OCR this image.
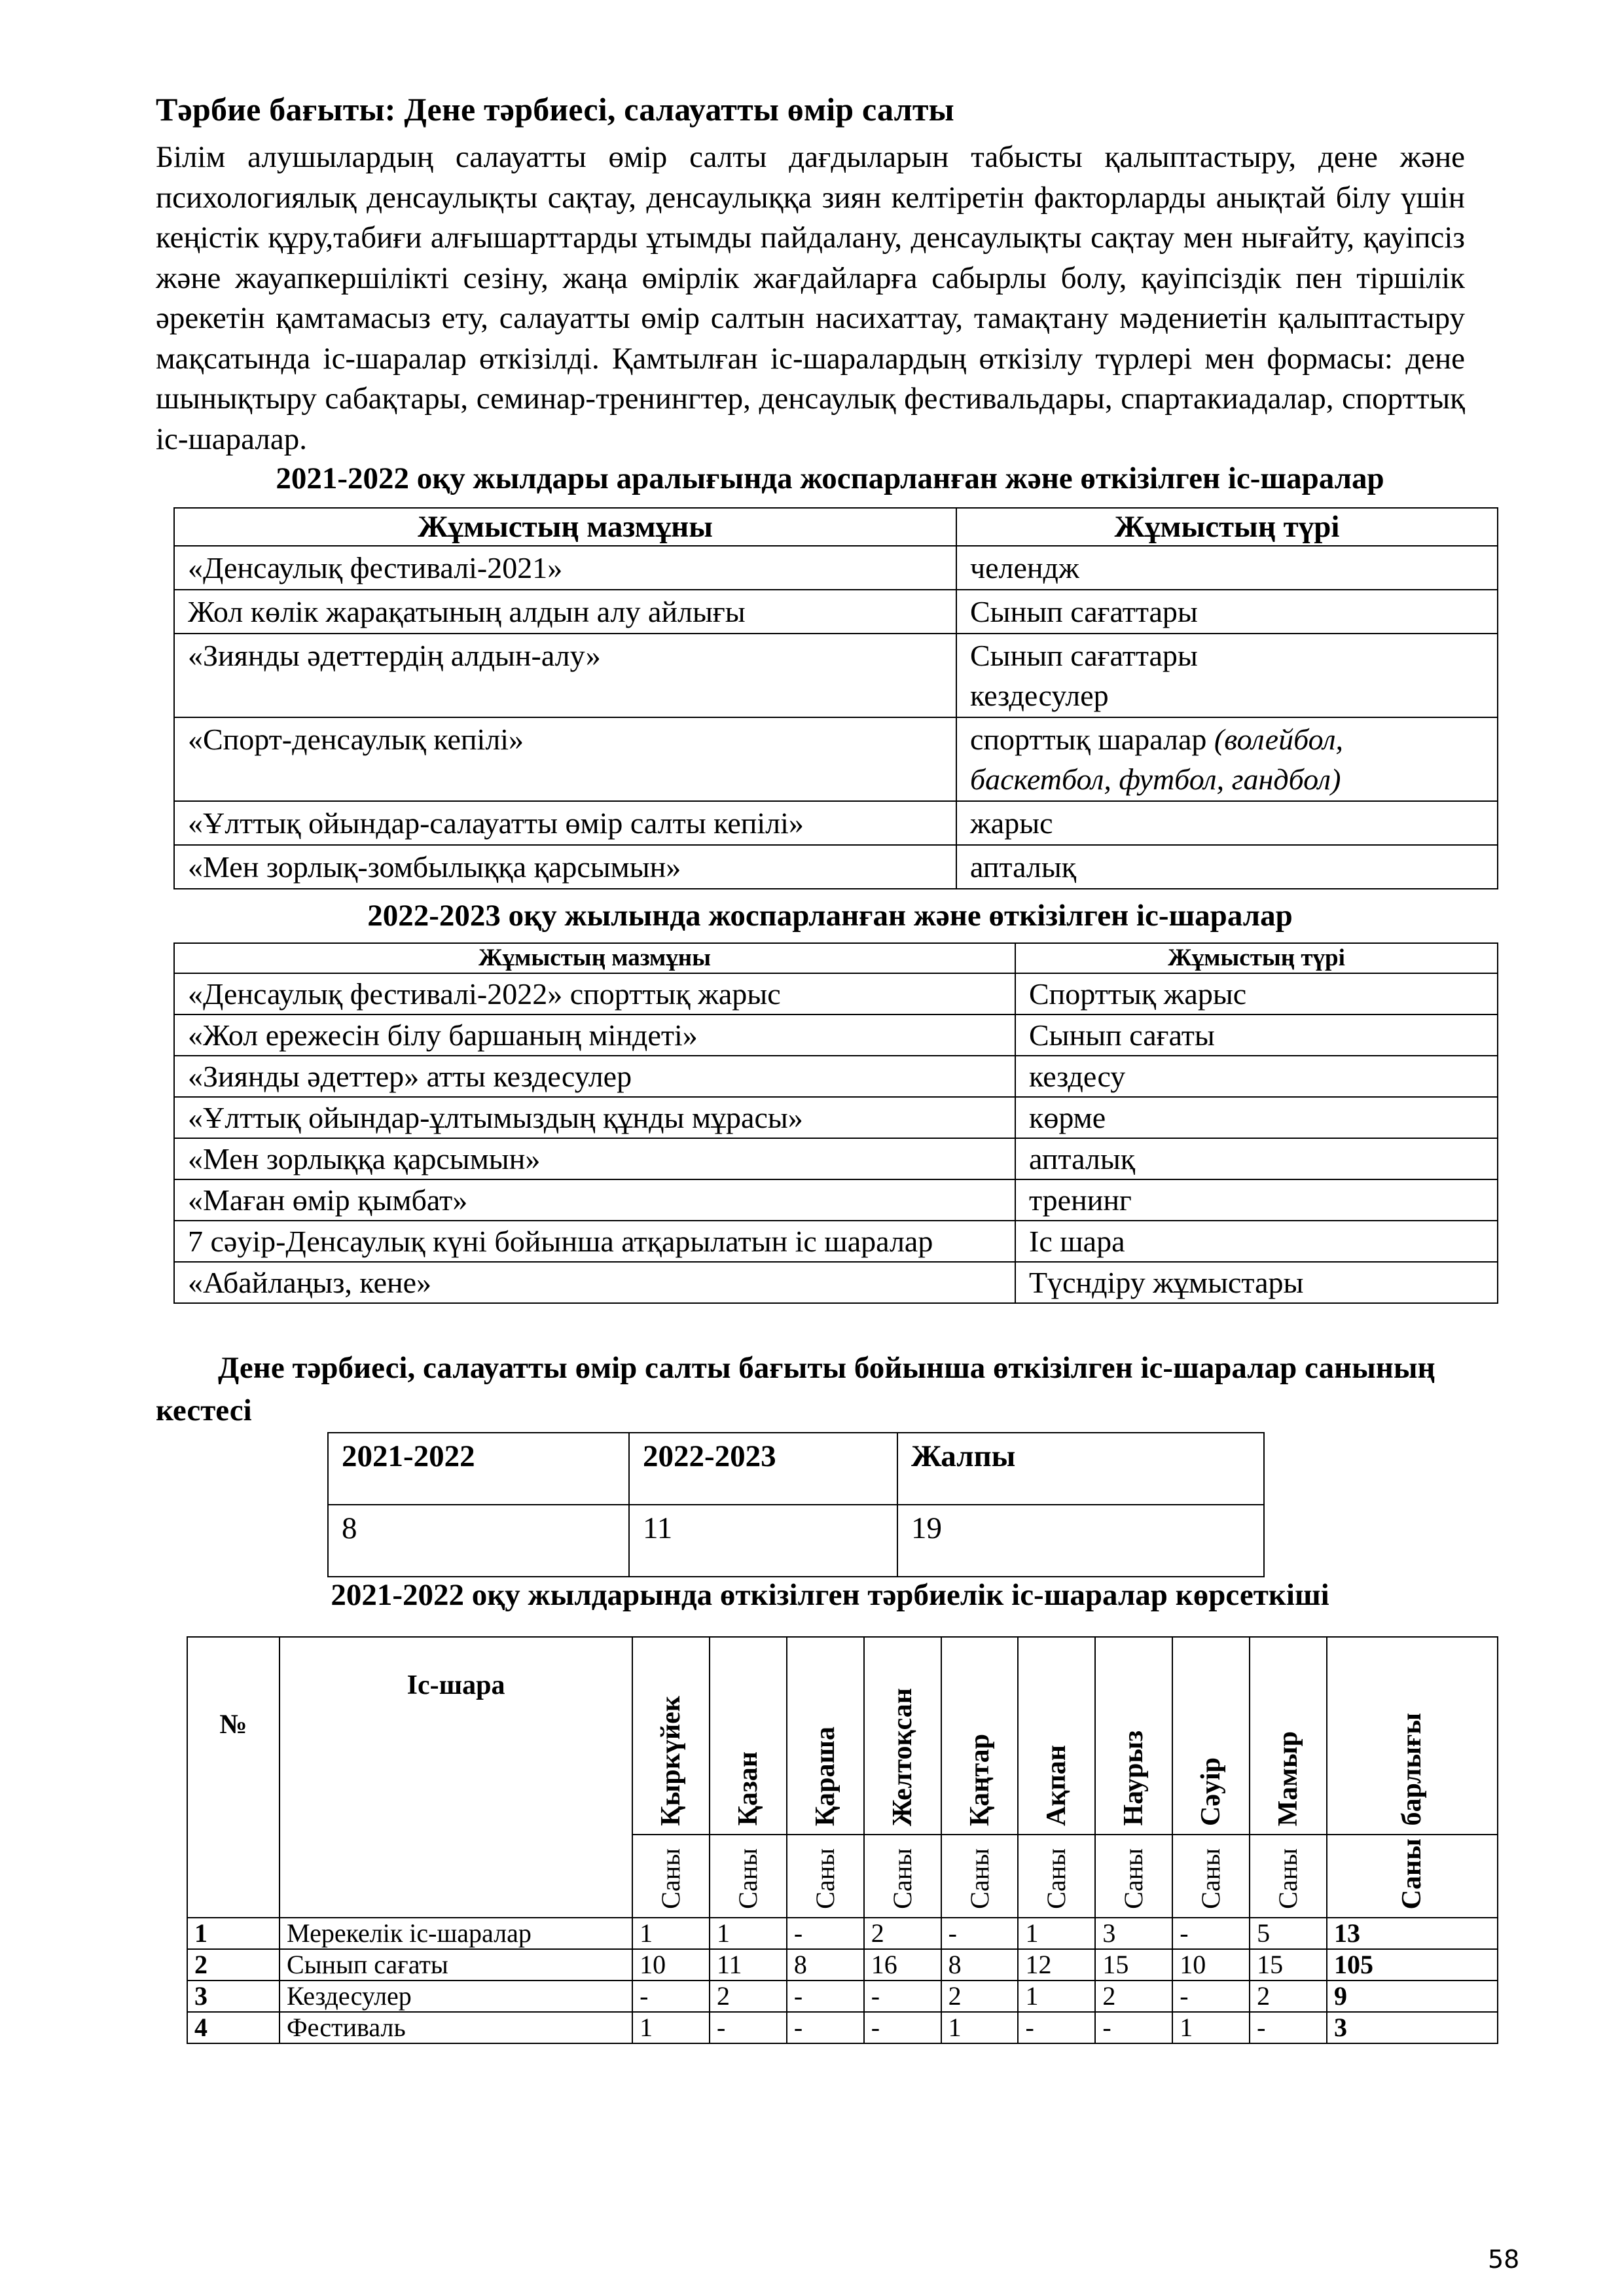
Тәрбие бағыты: Дене тәрбиесі, салауатты өмір салты

Білім алушылардың салауатты өмір салты дағдыларын табысты қалыптастыру, дене және психологиялық денсаулықты сақтау, денсаулыққа зиян келтіретін факторларды анықтай білу үшін кеңістік құру,табиғи алғышарттарды ұтымды пайдалану, денсаулықты сақтау мен нығайту, қауіпсіз және жауапкершілікті сезіну, жаңа өмірлік жағдайларға сабырлы болу, қауіпсіздік пен тіршілік әрекетін қамтамасыз ету, салауатты өмір салтын насихаттау, тамақтану мәдениетін қалыптастыру мақсатында іс-шаралар өткізілді. Қамтылған іс-шаралардың өткізілу түрлері мен формасы: дене шынықтыру сабақтары, семинар-тренингтер, денсаулық фестивальдары, спартакиадалар, спорттық іс-шаралар.

2021-2022 оқу жылдары аралығында жоспарланған және өткізілген іс-шаралар

Жұмыстың мазмұны	Жұмыстың түрі
«Денсаулық фестивалі-2021»	челендж
Жол көлік жарақатының алдын алу айлығы	Сынып сағаттары
«Зиянды әдеттердің алдын-алу»	Сынып сағаттары
кездесулер

«Спорт-денсаулық кепілі»	спорттық шаралар (волейбол, баскетбол, футбол, гандбол)
«Ұлттық ойындар-салауатты өмір салты кепілі»	жарыс
«Мен зорлық-зомбылыққа қарсымын»	апталық

2022-2023 оқу жылында жоспарланған және өткізілген іс-шаралар

Жұмыстың мазмұны	Жұмыстың түрі
«Денсаулық фестивалі-2022» спорттық жарыс	Спорттық жарыс
«Жол ережесін білу баршаның міндеті»	Сынып сағаты
«Зиянды әдеттер» атты кездесулер	кездесу
«Ұлттық ойындар-ұлтымыздың құнды мұрасы»	көрме
«Мен зорлыққа қарсымын»	апталық
«Маған өмір қымбат»	тренинг
7 сәуір-Денсаулық күні бойынша атқарылатын іс шаралар	Іс шара
«Абайлаңыз, кене»	Түсндіру жұмыстары

Дене тәрбиесі, салауатты өмір салты бағыты бойынша өткізілген іс-шаралар санының кестесі

2021-2022	2022-2023	Жалпы
8	11	19

2021-2022 оқу жылдарында өткізілген тәрбиелік іс-шаралар көрсеткіші

№	Іс-шара	Қыркүйек	Қазан	Қараша	Желтоқсан	Қаңтар	Ақпан	Наурыз	Сәуір	Мамыр	барлығы

		Саны	Саны	Саны	Саны	Саны	Саны	Саны	Саны	Саны	Саны

1	Мерекелік іс-шаралар	1	1	-	2	-	1	3	-	5	13
2	Сынып сағаты	10	11	8	16	8	12	15	10	15	105
3	Кездесулер	-	2	-	-	2	1	2	-	2	9
4	Фестиваль	1	-	-	-	1	-	-	1	-	3

58
